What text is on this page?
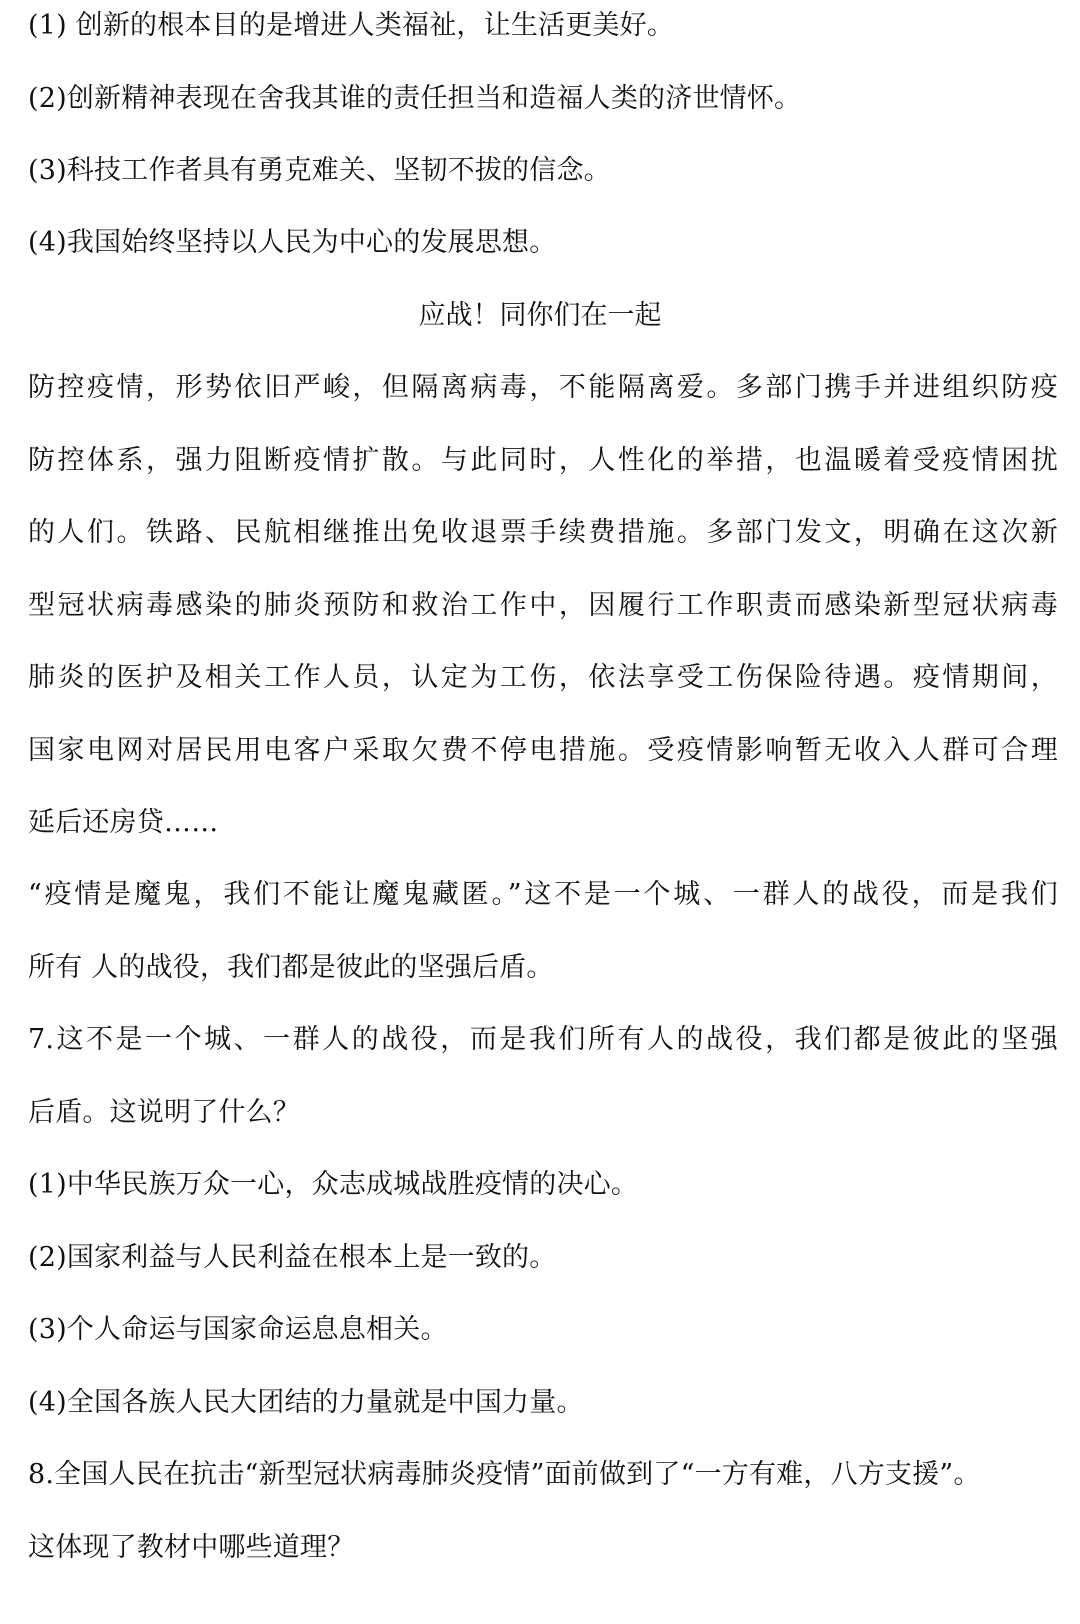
(1) 创新的根本目的是增进人类福祉，让生活更美好。
(2)创新精神表现在舍我其谁的责任担当和造福人类的济世情怀。
(3)科技工作者具有勇克难关、坚韧不拔的信念。
(4)我国始终坚持以人民为中心的发展思想。
应战！同你们在一起
防控疫情，形势依旧严峻，但隔离病毒，不能隔离爱。多部门携手并进组织防疫
防控体系，强力阻断疫情扩散。与此同时，人性化的举措，也温暖着受疫情困扰
的人们。铁路、民航相继推出免收退票手续费措施。多部门发文，明确在这次新
型冠状病毒感染的肺炎预防和救治工作中，因履行工作职责而感染新型冠状病毒
肺炎的医护及相关工作人员，认定为工伤，依法享受工伤保险待遇。疫情期间，
国家电网对居民用电客户采取欠费不停电措施。受疫情影响暂无收入人群可合理
延后还房贷……
“疫情是魔鬼，我们不能让魔鬼藏匿。”这不是一个城、一群人的战役，而是我们
所有 人的战役，我们都是彼此的坚强后盾。
7.这不是一个城、一群人的战役，而是我们所有人的战役，我们都是彼此的坚强
后盾。这说明了什么？
(1)中华民族万众一心，众志成城战胜疫情的决心。
(2)国家利益与人民利益在根本上是一致的。
(3)个人命运与国家命运息息相关。
(4)全国各族人民大团结的力量就是中国力量。
8.全国人民在抗击“新型冠状病毒肺炎疫情”面前做到了“一方有难，八方支援”。
这体现了教材中哪些道理？
